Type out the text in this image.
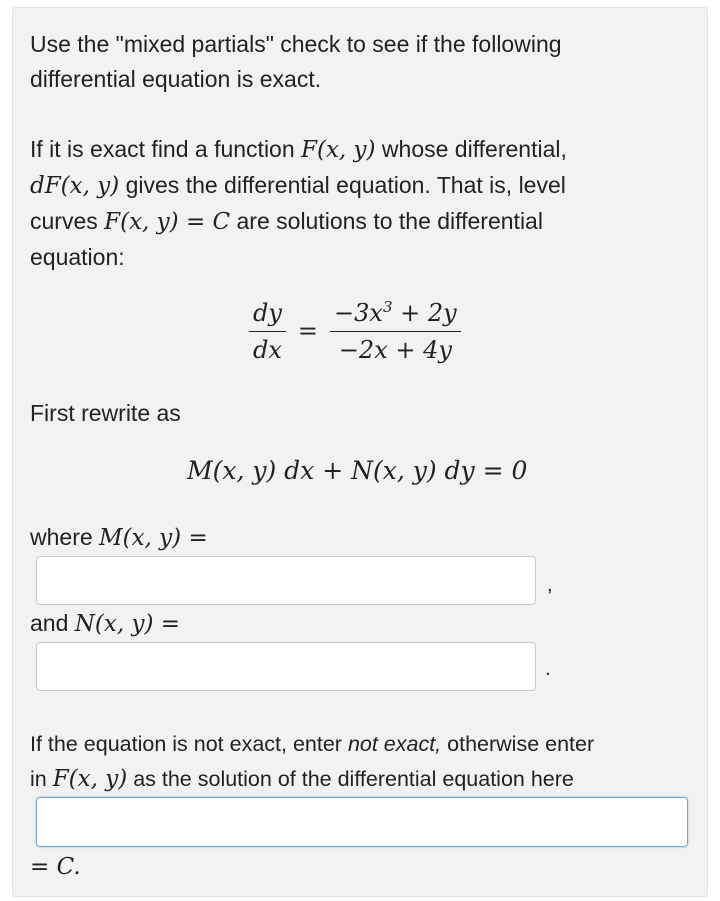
Use the "mixed partials" check to see if the following
differential equation is exact.

If it is exact find a function F(x, y) whose differential,
dF(x, y) gives the differential equation. That is, level
curves F(x, y) = C are solutions to the differential
equation:

$\frac{dy}{dx} = \frac{-3x^3 + 2y}{-2x + 4y}$

First rewrite as

M(x, y) dx + N(x, y) dy = 0

where M(x, y) =

,

and N(x, y) =

.

If the equation is not exact, enter not exact, otherwise enter
in F(x, y) as the solution of the differential equation here

= C.
